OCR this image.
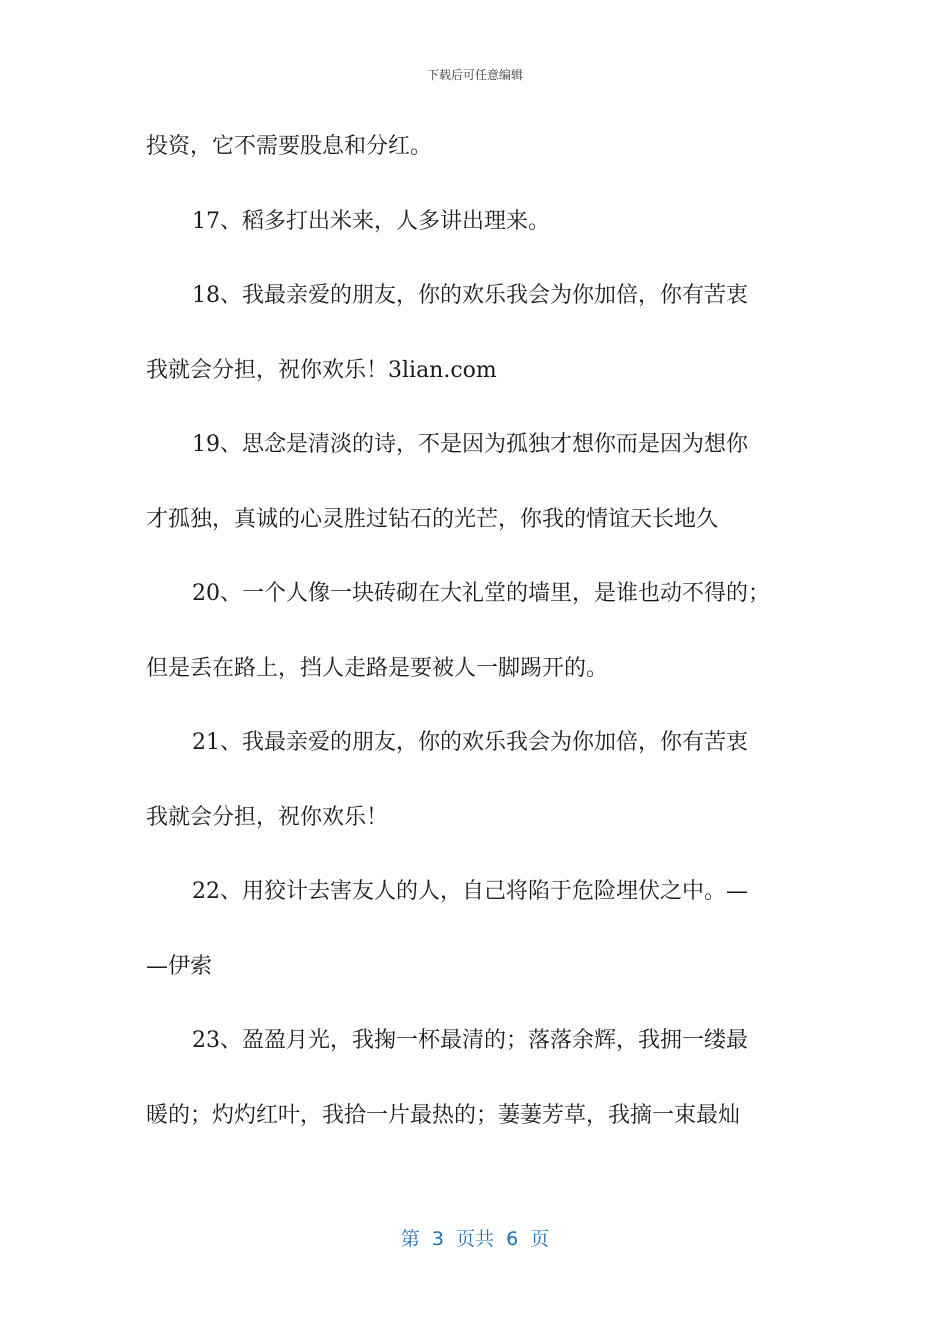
下载后可任意编辑
投资，它不需要股息和分红。
17、稻多打出米来，人多讲出理来。
18、我最亲爱的朋友，你的欢乐我会为你加倍，你有苦衷
我就会分担，祝你欢乐！3lian.com
19、思念是清淡的诗，不是因为孤独才想你而是因为想你
才孤独，真诚的心灵胜过钻石的光芒，你我的情谊天长地久
20、一个人像一块砖砌在大礼堂的墙里，是谁也动不得的；
但是丢在路上，挡人走路是要被人一脚踢开的。
21、我最亲爱的朋友，你的欢乐我会为你加倍，你有苦衷
我就会分担，祝你欢乐！
22、用狡计去害友人的人，自己将陷于危险埋伏之中。—
—伊索
23、盈盈月光，我掬一杯最清的；落落余辉，我拥一缕最
暖的；灼灼红叶，我拾一片最热的；萋萋芳草，我摘一束最灿
第  3  页共  6  页
